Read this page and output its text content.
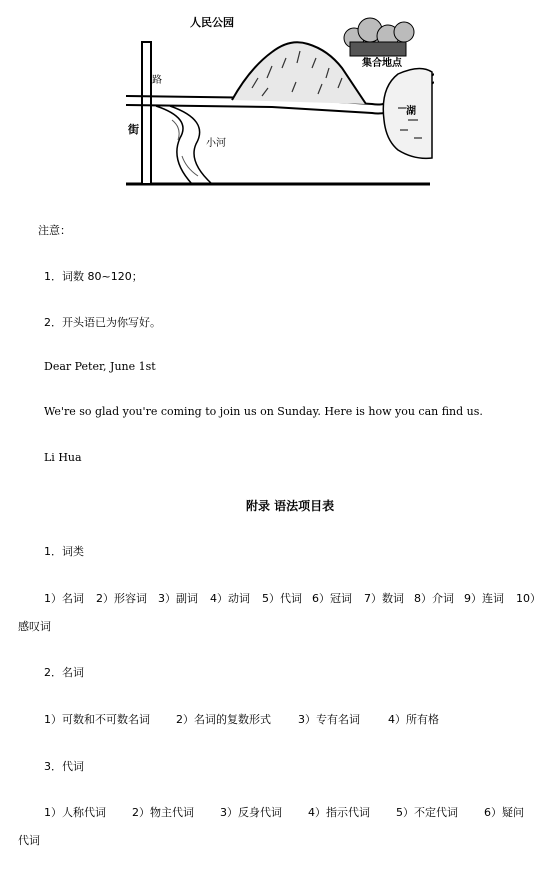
人民公园
路
街
小河
集合地点
湖
注意：
1．词数 80~120；
2．开头语已为你写好。
Dear Peter, June 1st
We're so glad you're coming to join us on Sunday. Here is how you can find us.
Li Hua
附录 语法项目表
1．词类
1）名词 2）形容词 3）副词 4）动词 5）代词 6）冠词 7）数词 8）介词 9）连词 10）
感叹词
2．名词
1）可数和不可数名词 2）名词的复数形式 3）专有名词	4）所有格
3．代词
1）人称代词 2）物主代词 3）反身代词 4）指示代词 5）不定代词 6）疑问
代词
